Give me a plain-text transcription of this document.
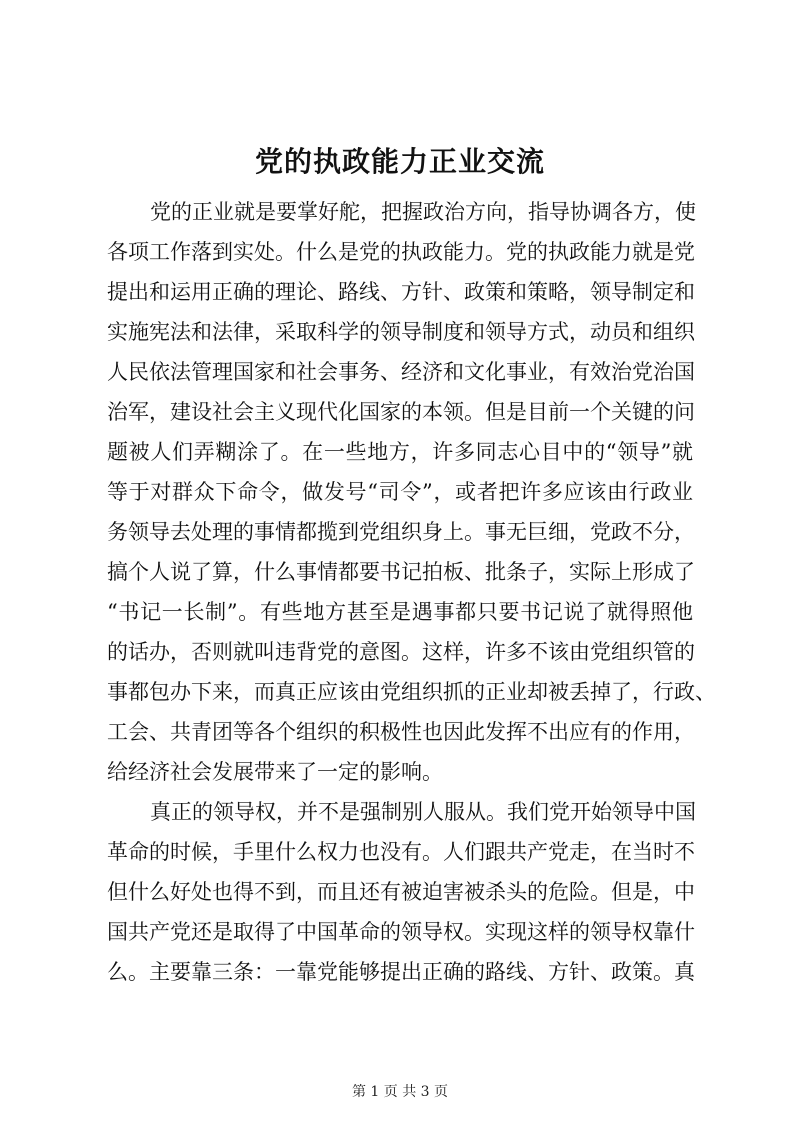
党的执政能力正业交流
党的正业就是要掌好舵，把握政治方向，指导协调各方，使
各项工作落到实处。什么是党的执政能力。党的执政能力就是党
提出和运用正确的理论、路线、方针、政策和策略，领导制定和
实施宪法和法律，采取科学的领导制度和领导方式，动员和组织
人民依法管理国家和社会事务、经济和文化事业，有效治党治国
治军，建设社会主义现代化国家的本领。但是目前一个关键的问
题被人们弄糊涂了。在一些地方，许多同志心目中的“领导”就
等于对群众下命令，做发号“司令”，或者把许多应该由行政业
务领导去处理的事情都揽到党组织身上。事无巨细，党政不分，
搞个人说了算，什么事情都要书记拍板、批条子，实际上形成了
“书记一长制”。有些地方甚至是遇事都只要书记说了就得照他
的话办，否则就叫违背党的意图。这样，许多不该由党组织管的
事都包办下来，而真正应该由党组织抓的正业却被丢掉了，行政、
工会、共青团等各个组织的积极性也因此发挥不出应有的作用，
给经济社会发展带来了一定的影响。
真正的领导权，并不是强制别人服从。我们党开始领导中国
革命的时候，手里什么权力也没有。人们跟共产党走，在当时不
但什么好处也得不到，而且还有被迫害被杀头的危险。但是，中
国共产党还是取得了中国革命的领导权。实现这样的领导权靠什
么。主要靠三条：一靠党能够提出正确的路线、方针、政策。真
第 1 页 共 3 页
